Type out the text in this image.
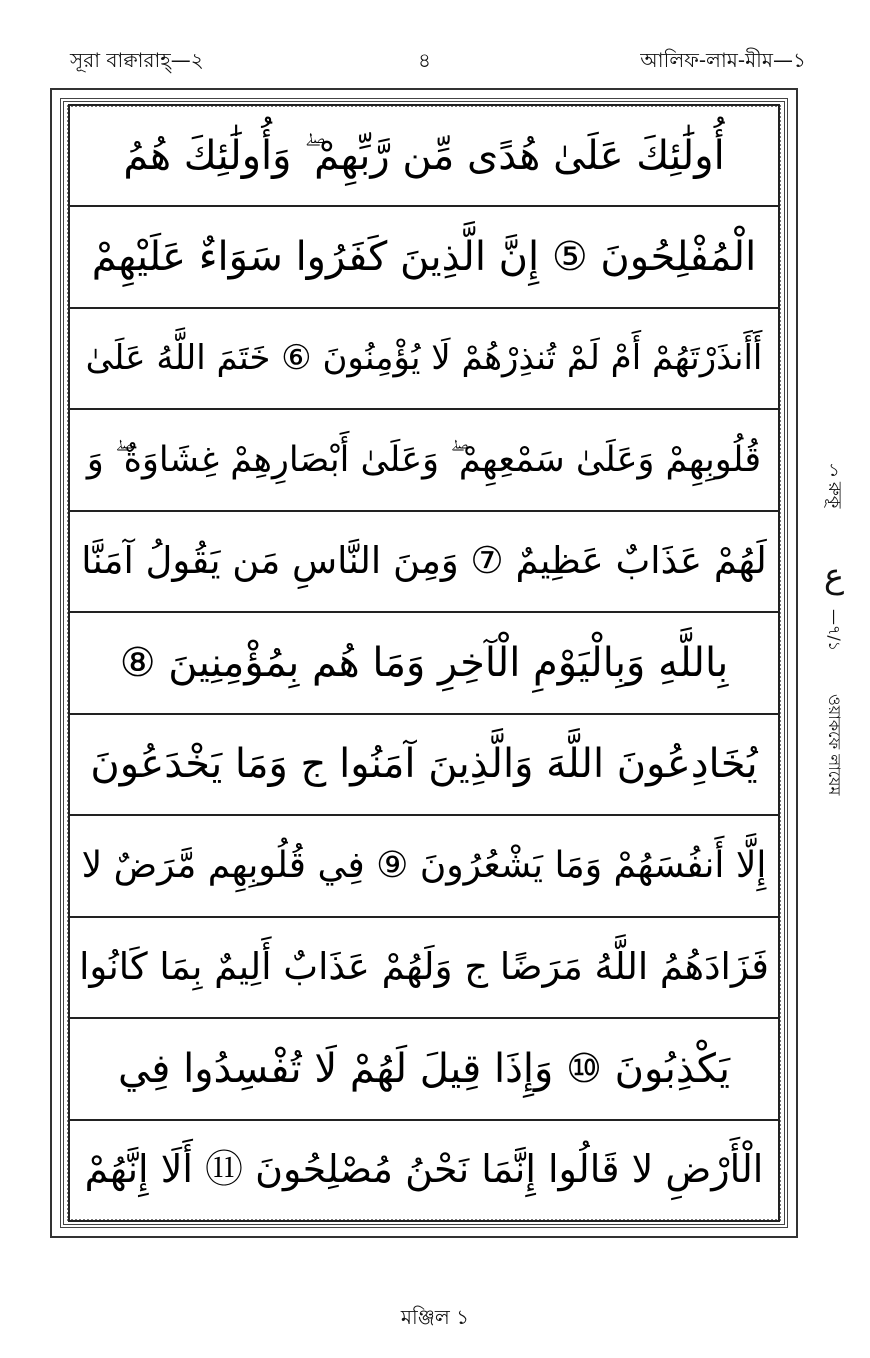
সূরা বাক্বারাহ্—২	৪	আলিফ-লাম-মীম—১
أُولَٰئِكَ عَلَىٰ هُدًى مِّن رَّبِّهِمْ ۖ وَأُولَٰئِكَ هُمُ
الْمُفْلِحُونَ ⑤ إِنَّ الَّذِينَ كَفَرُوا سَوَاءٌ عَلَيْهِمْ
أَأَنذَرْتَهُمْ أَمْ لَمْ تُنذِرْهُمْ لَا يُؤْمِنُونَ ⑥ خَتَمَ اللَّهُ عَلَىٰ
قُلُوبِهِمْ وَعَلَىٰ سَمْعِهِمْ ۖ وَعَلَىٰ أَبْصَارِهِمْ غِشَاوَةٌ ۖ وَ
لَهُمْ عَذَابٌ عَظِيمٌ ⑦ وَمِنَ النَّاسِ مَن يَقُولُ آمَنَّا
بِاللَّهِ وَبِالْيَوْمِ الْآخِرِ وَمَا هُم بِمُؤْمِنِينَ ⑧
يُخَادِعُونَ اللَّهَ وَالَّذِينَ آمَنُوا ج وَمَا يَخْدَعُونَ
إِلَّا أَنفُسَهُمْ وَمَا يَشْعُرُونَ ⑨ فِي قُلُوبِهِم مَّرَضٌ لا
فَزَادَهُمُ اللَّهُ مَرَضًا ج وَلَهُمْ عَذَابٌ أَلِيمٌ بِمَا كَانُوا
يَكْذِبُونَ ⑩ وَإِذَا قِيلَ لَهُمْ لَا تُفْسِدُوا فِي
الْأَرْضِ لا قَالُوا إِنَّمَا نَحْنُ مُصْلِحُونَ ⑪ أَلَا إِنَّهُمْ
১
রুকূ
ع
—৭/১
ওয়াকফে লাযেম
মঞ্জিল ১
